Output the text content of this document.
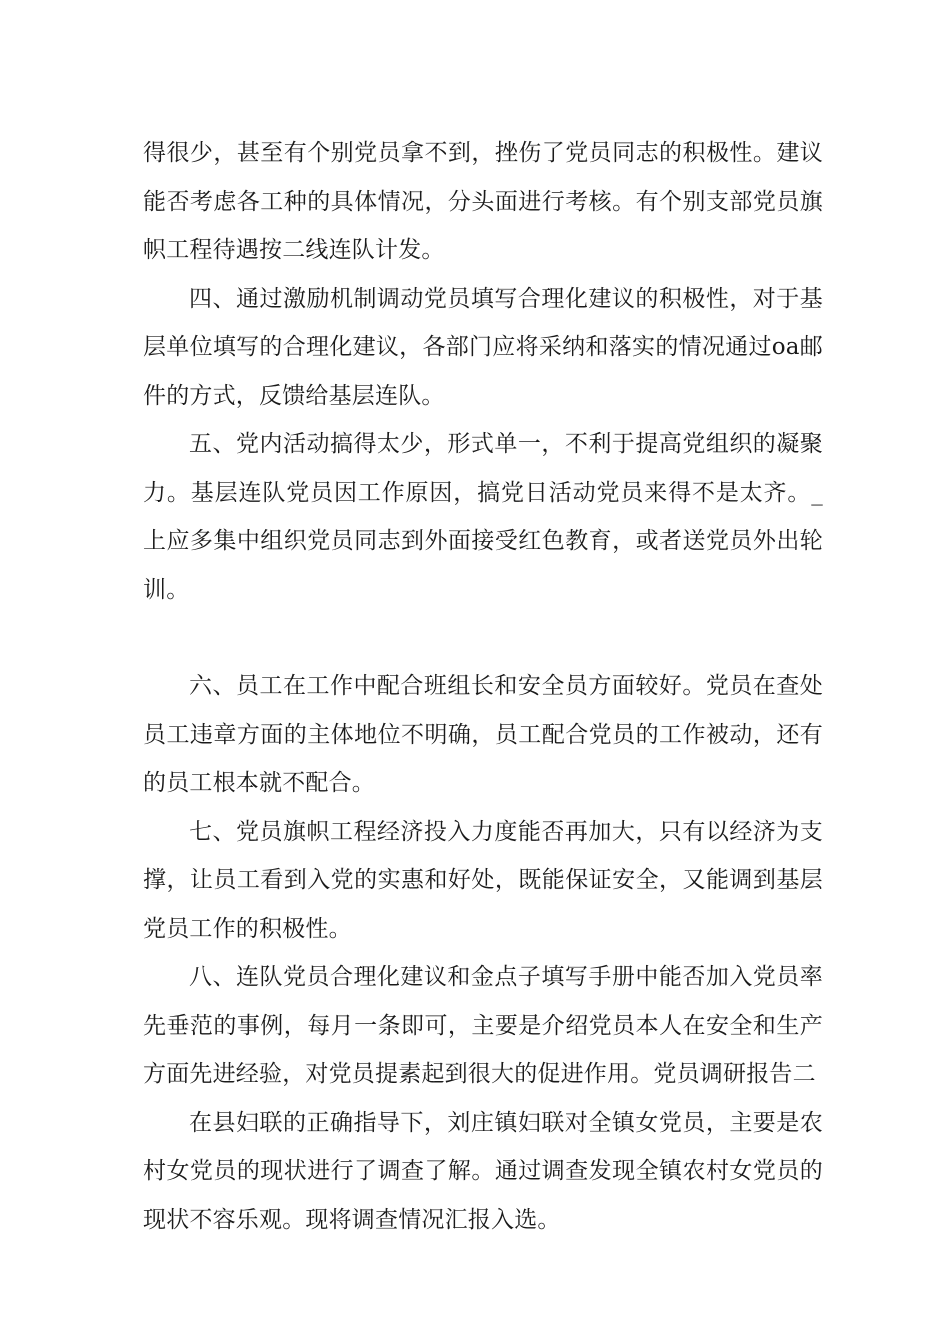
得很少，甚至有个别党员拿不到，挫伤了党员同志的积极性。建议能否考虑各工种的具体情况，分头面进行考核。有个别支部党员旗帜工程待遇按二线连队计发。

四、通过激励机制调动党员填写合理化建议的积极性，对于基层单位填写的合理化建议，各部门应将采纳和落实的情况通过oa邮件的方式，反馈给基层连队。

五、党内活动搞得太少，形式单一，不利于提高党组织的凝聚力。基层连队党员因工作原因，搞党日活动党员来得不是太齐。_上应多集中组织党员同志到外面接受红色教育，或者送党员外出轮训。

六、员工在工作中配合班组长和安全员方面较好。党员在查处员工违章方面的主体地位不明确，员工配合党员的工作被动，还有的员工根本就不配合。

七、党员旗帜工程经济投入力度能否再加大，只有以经济为支撑，让员工看到入党的实惠和好处，既能保证安全，又能调到基层党员工作的积极性。

八、连队党员合理化建议和金点子填写手册中能否加入党员率先垂范的事例，每月一条即可，主要是介绍党员本人在安全和生产方面先进经验，对党员提素起到很大的促进作用。党员调研报告二

在县妇联的正确指导下，刘庄镇妇联对全镇女党员，主要是农村女党员的现状进行了调查了解。通过调查发现全镇农村女党员的现状不容乐观。现将调查情况汇报入选。
